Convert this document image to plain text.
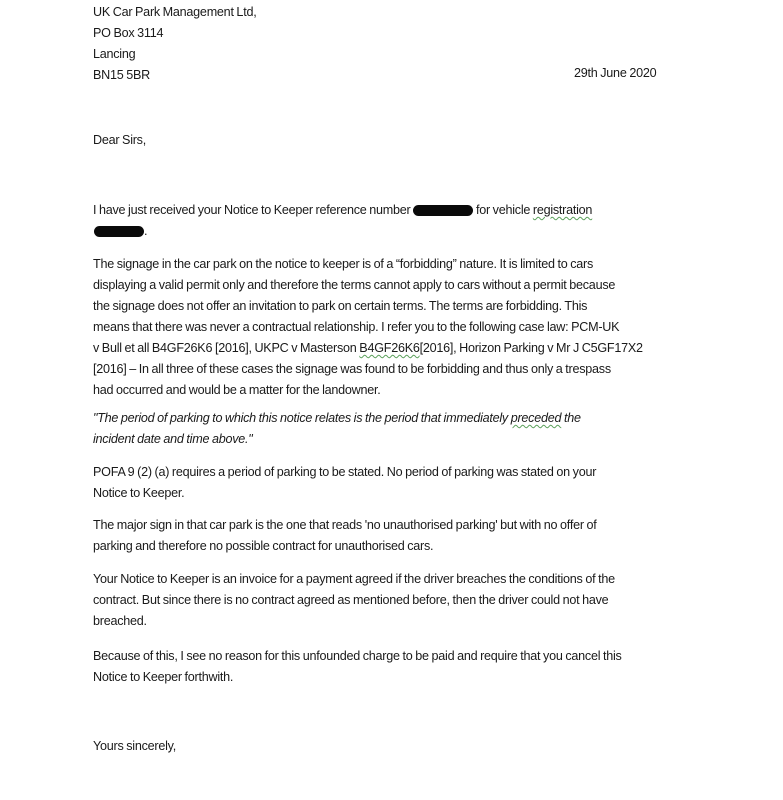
UK Car Park Management Ltd,
PO Box 3114
Lancing
BN15 5BR	29th June 2020
Dear Sirs,
I have just received your Notice to Keeper reference number	for vehicle registration
.
The signage in the car park on the notice to keeper is of a “forbidding” nature. It is limited to cars
displaying a valid permit only and therefore the terms cannot apply to cars without a permit because
the signage does not offer an invitation to park on certain terms. The terms are forbidding. This
means that there was never a contractual relationship. I refer you to the following case law: PCM-UK
v Bull et all B4GF26K6 [2016], UKPC v Masterson B4GF26K6[2016], Horizon Parking v Mr J C5GF17X2
[2016] – In all three of these cases the signage was found to be forbidding and thus only a trespass
had occurred and would be a matter for the landowner.
"The period of parking to which this notice relates is the period that immediately preceded the
incident date and time above."
POFA 9 (2) (a) requires a period of parking to be stated. No period of parking was stated on your
Notice to Keeper.
The major sign in that car park is the one that reads 'no unauthorised parking' but with no offer of
parking and therefore no possible contract for unauthorised cars.
Your Notice to Keeper is an invoice for a payment agreed if the driver breaches the conditions of the
contract. But since there is no contract agreed as mentioned before, then the driver could not have
breached.
Because of this, I see no reason for this unfounded charge to be paid and require that you cancel this
Notice to Keeper forthwith.
Yours sincerely,
